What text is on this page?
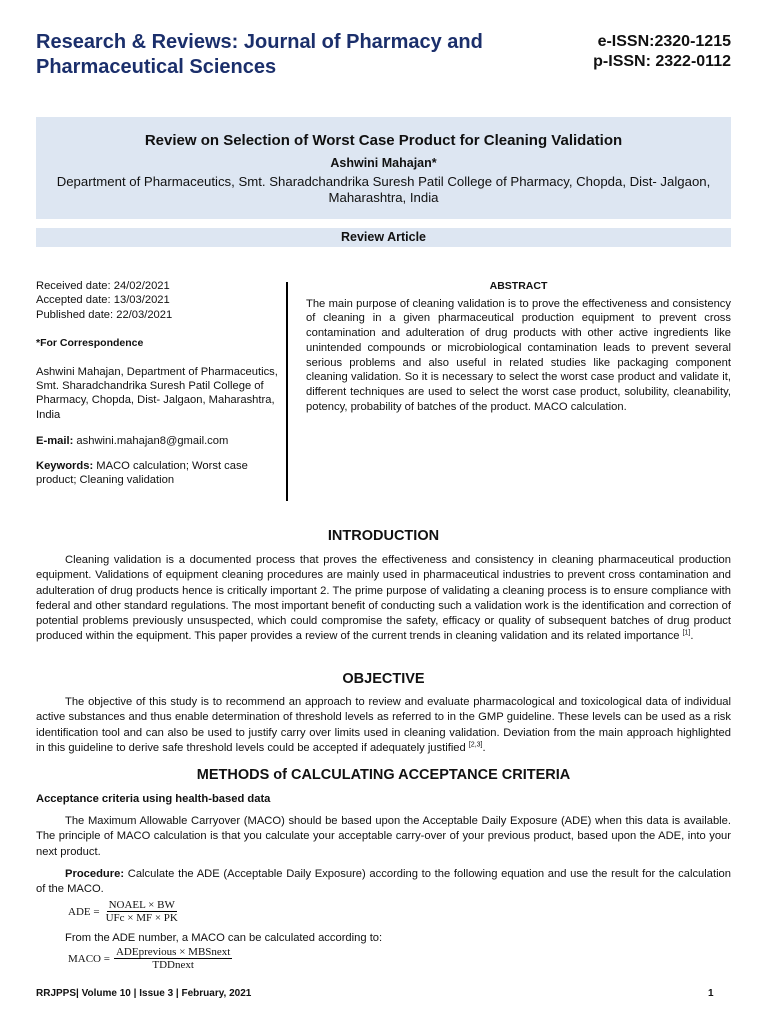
Research & Reviews: Journal of Pharmacy and
Pharmaceutical Sciences
e-ISSN:2320-1215
p-ISSN: 2322-0112
Review on Selection of Worst Case Product for Cleaning Validation
Ashwini Mahajan*
Department of Pharmaceutics, Smt. Sharadchandrika Suresh Patil College of Pharmacy, Chopda, Dist- Jalgaon, Maharashtra, India
Review Article

Received date: 24/02/2021

Accepted date: 13/03/2021

Published date: 22/03/2021

*For Correspondence

Ashwini Mahajan, Department of Pharmaceutics, Smt. Sharadchandrika Suresh Patil College of Pharmacy, Chopda, Dist- Jalgaon, Maharashtra, India

E-mail: ashwini.mahajan8@gmail.com

Keywords: MACO calculation; Worst case product; Cleaning validation

ABSTRACT
The main purpose of cleaning validation is to prove the effectiveness and consistency of cleaning in a given pharmaceutical production equipment to prevent cross contamination and adulteration of drug products with other active ingredients like unintended compounds or microbiological contamination leads to prevent several serious problems and also useful in related studies like packaging component cleaning validation. So it is necessary to select the worst case product and validate it, different techniques are used to select the worst case product, solubility, cleanability, potency, probability of batches of the product. MACO calculation.
INTRODUCTION
Cleaning validation is a documented process that proves the effectiveness and consistency in cleaning pharmaceutical production equipment. Validations of equipment cleaning procedures are mainly used in pharmaceutical industries to prevent cross contamination and adulteration of drug products hence is critically important 2. The prime purpose of validating a cleaning process is to ensure compliance with federal and other standard regulations. The most important benefit of conducting such a validation work is the identification and correction of potential problems previously unsuspected, which could compromise the safety, efficacy or quality of subsequent batches of drug product produced within the equipment. This paper provides a review of the current trends in cleaning validation and its related importance [1].
OBJECTIVE
The objective of this study is to recommend an approach to review and evaluate pharmacological and toxicological data of individual active substances and thus enable determination of threshold levels as referred to in the GMP guideline. These levels can be used as a risk identification tool and can also be used to justify carry over limits used in cleaning validation. Deviation from the main approach highlighted in this guideline to derive safe threshold levels could be accepted if adequately justified [2,3].
METHODS of CALCULATING ACCEPTANCE CRITERIA
Acceptance criteria using health-based data
The Maximum Allowable Carryover (MACO) should be based upon the Acceptable Daily Exposure (ADE) when this data is available. The principle of MACO calculation is that you calculate your acceptable carry-over of your previous product, based upon the ADE, into your next product.
Procedure: Calculate the ADE (Acceptable Daily Exposure) according to the following equation and use the result for the calculation of the MACO.
ADE = $\frac{\text{NOAEL × BW}}{\text{UFc × MF × PK}}$
From the ADE number, a MACO can be calculated according to:
MACO = $\frac{\text{ADEprevious × MBSnext}}{\text{TDDnext}}$
RRJPPS| Volume 10 | Issue 3 | February, 2021	1
